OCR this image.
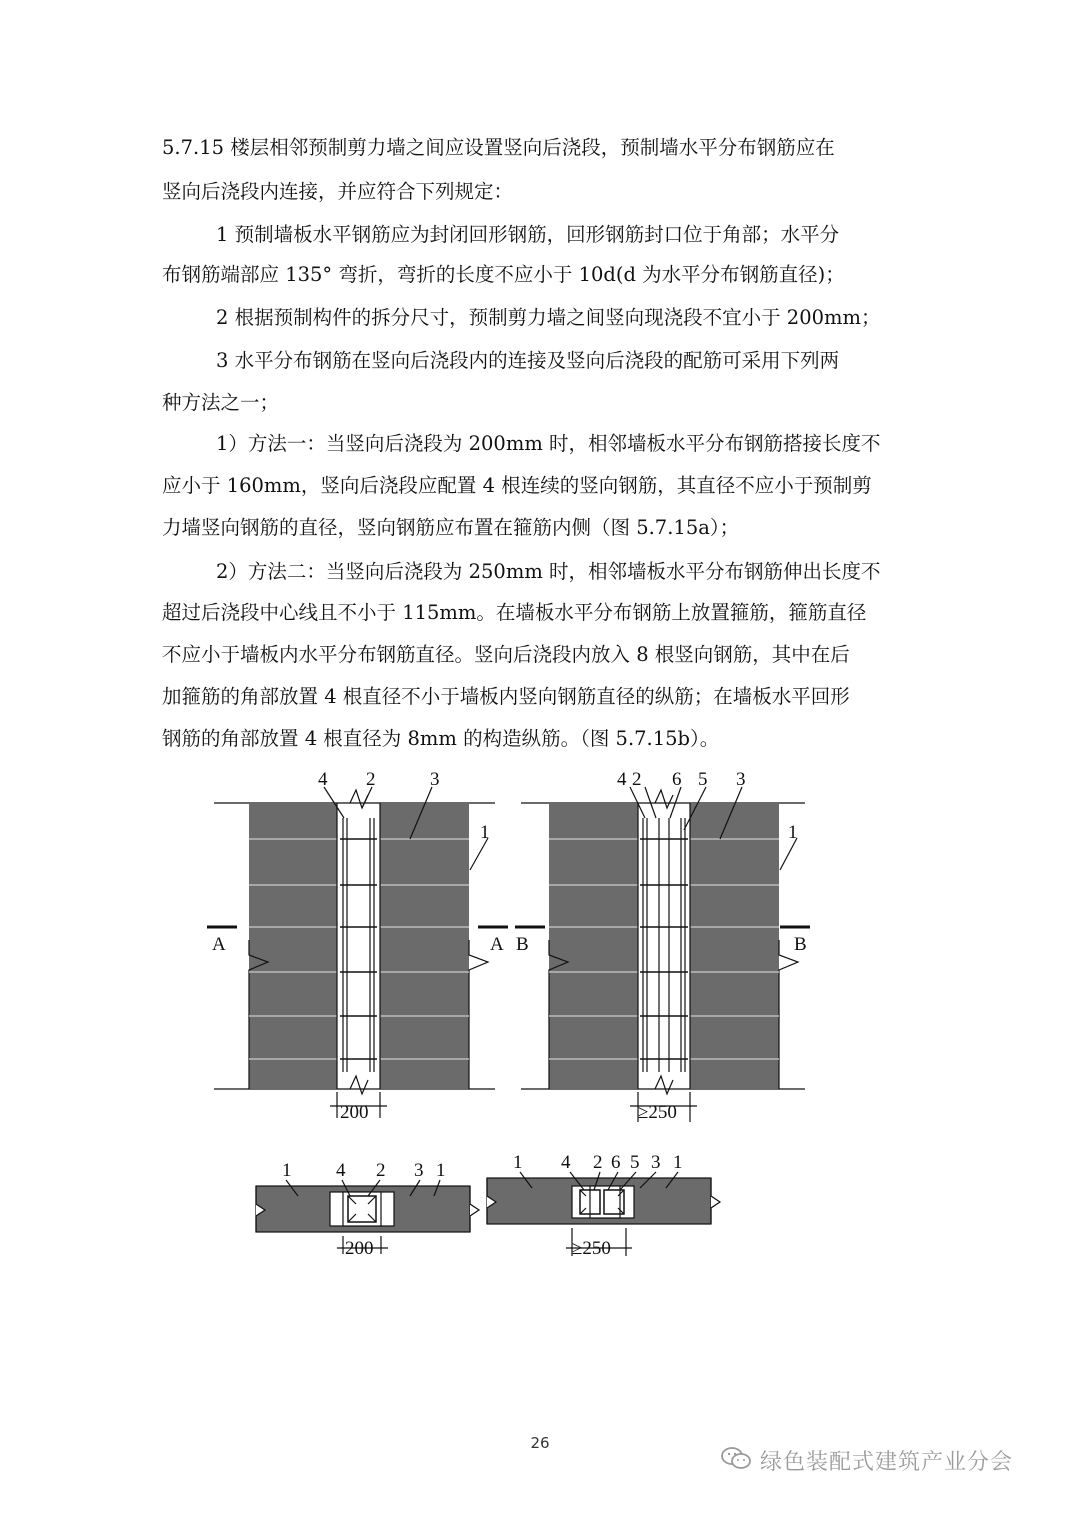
5.7.15 楼层相邻预制剪力墙之间应设置竖向后浇段，预制墙水平分布钢筋应在
竖向后浇段内连接，并应符合下列规定：
1 预制墙板水平钢筋应为封闭回形钢筋，回形钢筋封口位于角部；水平分
布钢筋端部应 135° 弯折，弯折的长度不应小于 10d(d 为水平分布钢筋直径)；
2 根据预制构件的拆分尺寸，预制剪力墙之间竖向现浇段不宜小于 200mm；
3 水平分布钢筋在竖向后浇段内的连接及竖向后浇段的配筋可采用下列两
种方法之一；
1）方法一：当竖向后浇段为 200mm 时，相邻墙板水平分布钢筋搭接长度不
应小于 160mm，竖向后浇段应配置 4 根连续的竖向钢筋，其直径不应小于预制剪
力墙竖向钢筋的直径，竖向钢筋应布置在箍筋内侧（图 5.7.15a）；
2）方法二：当竖向后浇段为 250mm 时，相邻墙板水平分布钢筋伸出长度不
超过后浇段中心线且不小于 115mm。在墙板水平分布钢筋上放置箍筋，箍筋直径
不应小于墙板内水平分布钢筋直径。竖向后浇段内放入 8 根竖向钢筋，其中在后
加箍筋的角部放置 4 根直径不小于墙板内竖向钢筋直径的纵筋；在墙板水平回形
钢筋的角部放置 4 根直径为 8mm 的构造纵筋。（图 5.7.15b）。
4 2	3
1
A	A
200
4 2 6 5 3
1
B	B
≥250
1 4 2 3 1
200
1 4 2 6 5 3 1
≥250
26
绿色装配式建筑产业分会
